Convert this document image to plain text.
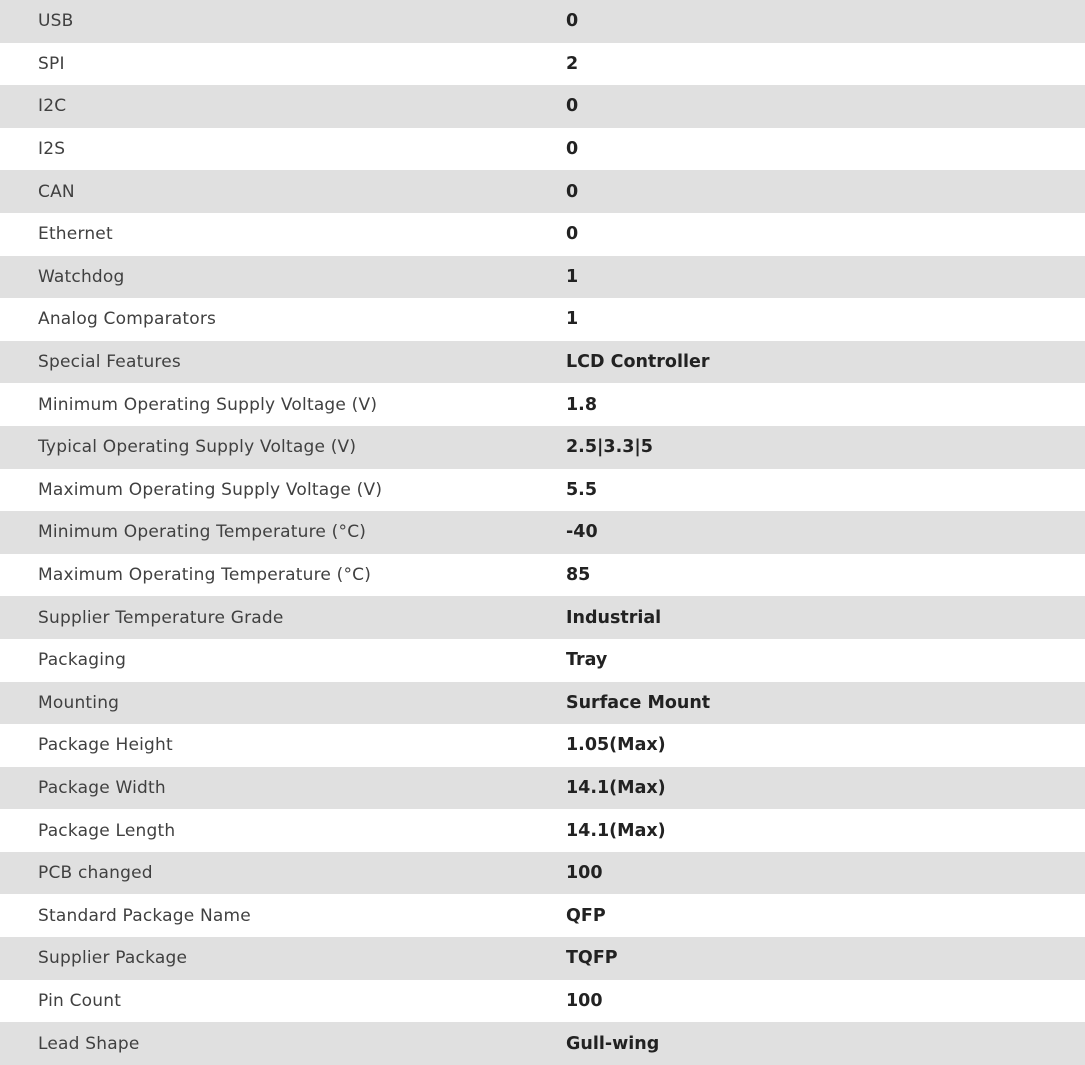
USB	0
SPI	2
I2C	0
I2S	0
CAN	0
Ethernet	0
Watchdog	1
Analog Comparators	1
Special Features	LCD Controller
Minimum Operating Supply Voltage (V)	1.8
Typical Operating Supply Voltage (V)	2.5|3.3|5
Maximum Operating Supply Voltage (V)	5.5
Minimum Operating Temperature (°C)	-40
Maximum Operating Temperature (°C)	85
Supplier Temperature Grade	Industrial
Packaging	Tray
Mounting	Surface Mount
Package Height	1.05(Max)
Package Width	14.1(Max)
Package Length	14.1(Max)
PCB changed	100
Standard Package Name	QFP
Supplier Package	TQFP
Pin Count	100
Lead Shape	Gull-wing
